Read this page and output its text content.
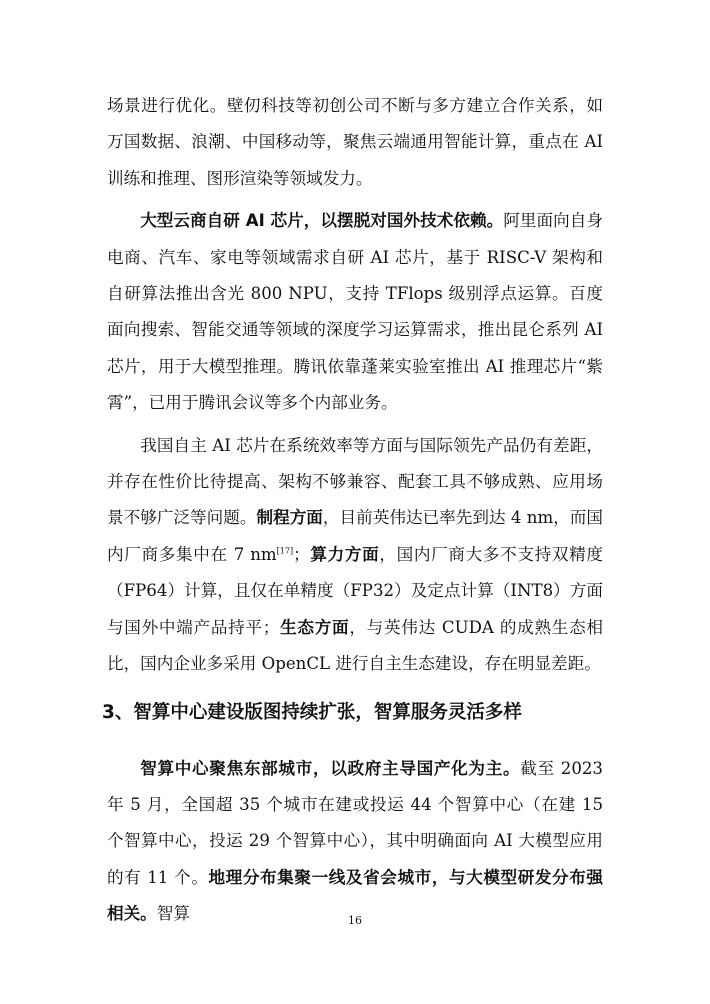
场景进行优化。壁仞科技等初创公司不断与多方建立合作关系，如万国数据、浪潮、中国移动等，聚焦云端通用智能计算，重点在 AI 训练和推理、图形渲染等领域发力。

大型云商自研 AI 芯片，以摆脱对国外技术依赖。阿里面向自身电商、汽车、家电等领域需求自研 AI 芯片，基于 RISC-V 架构和自研算法推出含光 800 NPU，支持 TFlops 级别浮点运算。百度面向搜索、智能交通等领域的深度学习运算需求，推出昆仑系列 AI 芯片，用于大模型推理。腾讯依靠蓬莱实验室推出 AI 推理芯片“紫霄”，已用于腾讯会议等多个内部业务。

我国自主 AI 芯片在系统效率等方面与国际领先产品仍有差距，并存在性价比待提高、架构不够兼容、配套工具不够成熟、应用场景不够广泛等问题。制程方面，目前英伟达已率先到达 4 nm，而国内厂商多集中在 7 nm[17]；算力方面，国内厂商大多不支持双精度（FP64）计算，且仅在单精度（FP32）及定点计算（INT8）方面与国外中端产品持平；生态方面，与英伟达 CUDA 的成熟生态相比，国内企业多采用 OpenCL 进行自主生态建设，存在明显差距。

3、智算中心建设版图持续扩张，智算服务灵活多样

智算中心聚焦东部城市，以政府主导国产化为主。截至 2023 年 5 月，全国超 35 个城市在建或投运 44 个智算中心（在建 15 个智算中心，投运 29 个智算中心），其中明确面向 AI 大模型应用的有 11 个。地理分布集聚一线及省会城市，与大模型研发分布强相关。智算	16
